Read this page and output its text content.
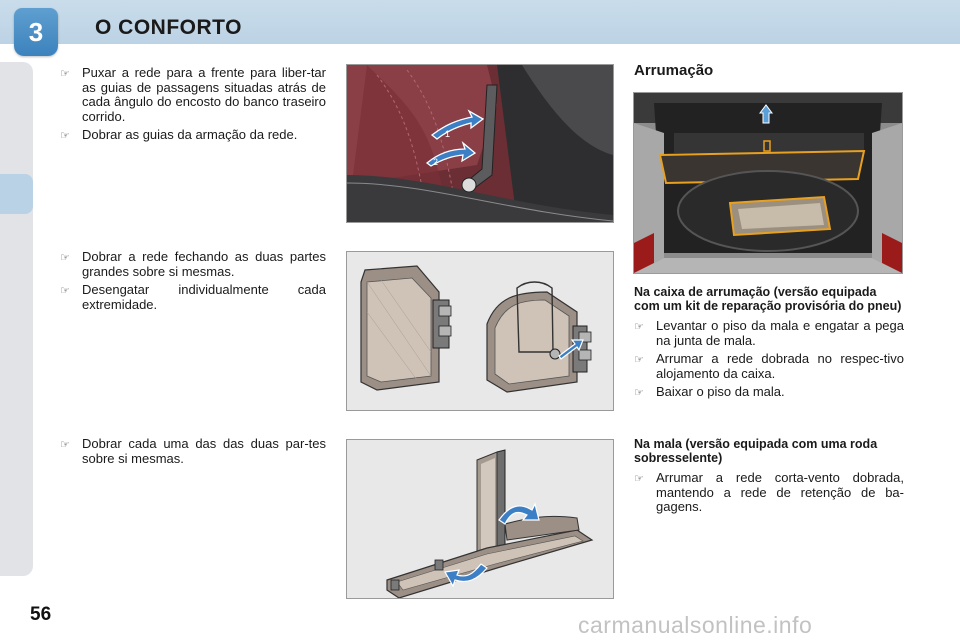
3	O CONFORTO
☞ Puxar a rede para a frente para liber-tar as guias de passagens situadas atrás de cada ângulo do encosto do banco traseiro corrido.
☞ Dobrar as guias da armação da rede.
☞ Dobrar a rede fechando as duas partes grandes sobre si mesmas.
☞ Desengatar individualmente cada extremidade.
☞ Dobrar cada uma das das duas par-tes sobre si mesmas.
1
2
Arrumação
Na caixa de arrumação (versão equipada com um kit de reparação provisória do pneu)
☞ Levantar o piso da mala e engatar a pega na junta de mala.
☞ Arrumar a rede dobrada no respec-tivo alojamento da caixa.
☞ Baixar o piso da mala.
Na mala (versão equipada com uma roda sobresselente)
☞ Arrumar a rede corta-vento dobrada, mantendo a rede de retenção de ba-gagens.
56	carmanualsonline.info
